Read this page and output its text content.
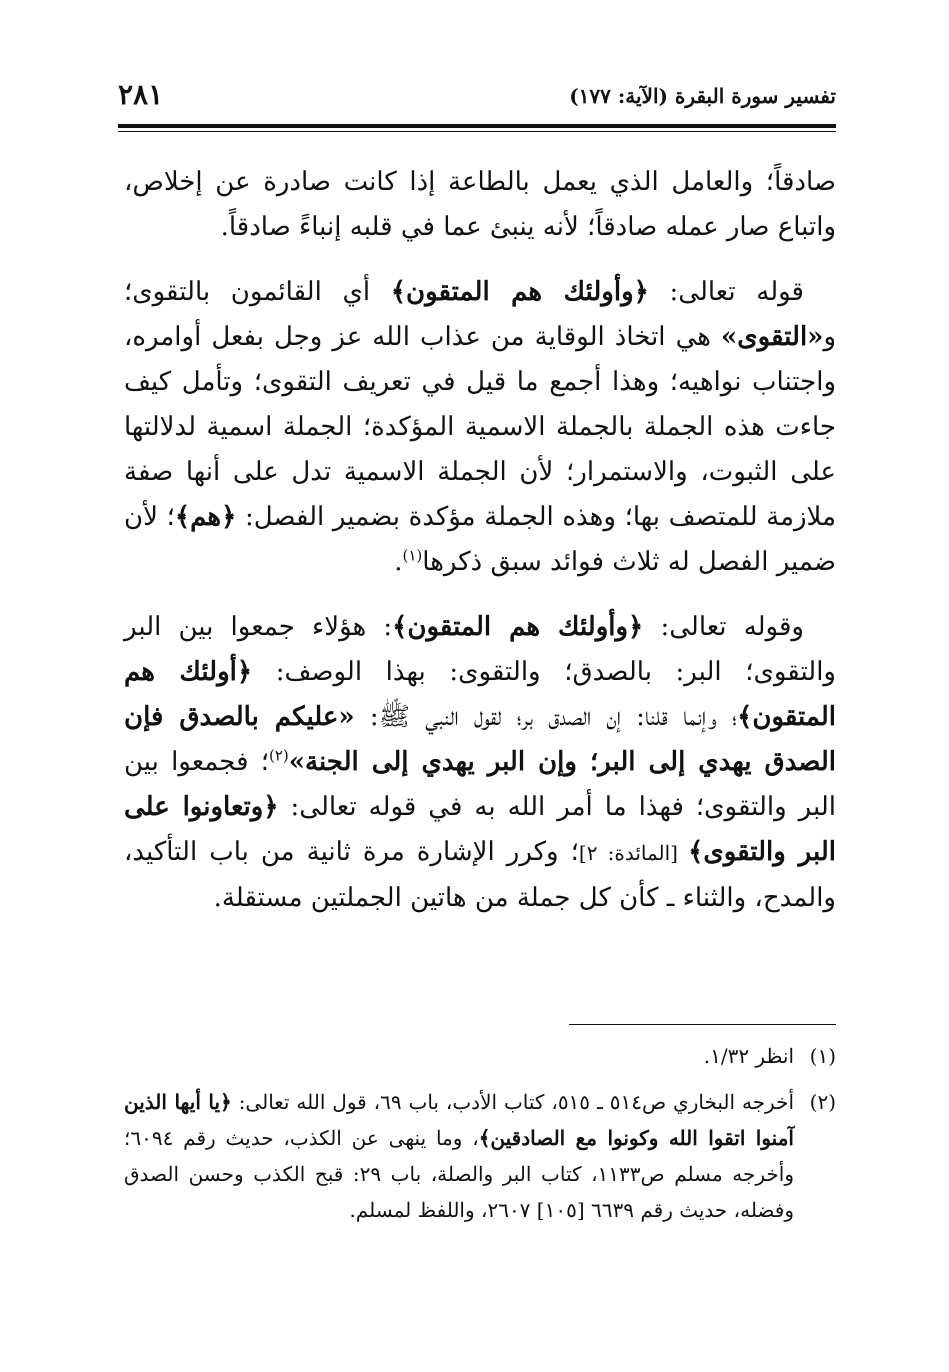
تفسير سورة البقرة (الآية: ١٧٧)
٢٨١

صادقاً؛ والعامل الذي يعمل بالطاعة إذا كانت صادرة عن إخلاص، واتباع صار عمله صادقاً؛ لأنه ينبئ عما في قلبه إنباءً صادقاً.

قوله تعالى: ﴿وأولئك هم المتقون﴾ أي القائمون بالتقوى؛ و«التقوى» هي اتخاذ الوقاية من عذاب الله عز وجل بفعل أوامره، واجتناب نواهيه؛ وهذا أجمع ما قيل في تعريف التقوى؛ وتأمل كيف جاءت هذه الجملة بالجملة الاسمية المؤكدة؛ الجملة اسمية لدلالتها على الثبوت، والاستمرار؛ لأن الجملة الاسمية تدل على أنها صفة ملازمة للمتصف بها؛ وهذه الجملة مؤكدة بضمير الفصل: ﴿هم﴾؛ لأن ضمير الفصل له ثلاث فوائد سبق ذكرها$^{(١)}$.

وقوله تعالى: ﴿وأولئك هم المتقون﴾: هؤلاء جمعوا بين البر والتقوى؛ البر: بالصدق؛ والتقوى: بهذا الوصف: ﴿أولئك هم المتقون﴾؛ وإنما قلنا: إن الصدق بر؛ لقول النبي ﷺ: «عليكم بالصدق فإن الصدق يهدي إلى البر؛ وإن البر يهدي إلى الجنة»$^{(٢)}$؛ فجمعوا بين البر والتقوى؛ فهذا ما أمر الله به في قوله تعالى: ﴿وتعاونوا على البر والتقوى﴾ [المائدة: ٢]؛ وكرر الإشارة مرة ثانية من باب التأكيد، والمدح، والثناء ـ كأن كل جملة من هاتين الجملتين مستقلة.

(١)
انظر ١/٣٢.

(٢)
أخرجه البخاري ص٥١٤ ـ ٥١٥، كتاب الأدب، باب ٦٩، قول الله تعالى: ﴿يا أيها الذين آمنوا اتقوا الله وكونوا مع الصادقين﴾، وما ينهى عن الكذب، حديث رقم ٦٠٩٤؛ وأخرجه مسلم ص١١٣٣، كتاب البر والصلة، باب ٢٩: قبح الكذب وحسن الصدق وفضله، حديث رقم ٦٦٣٩ [١٠٥] ٢٦٠٧، واللفظ لمسلم.
